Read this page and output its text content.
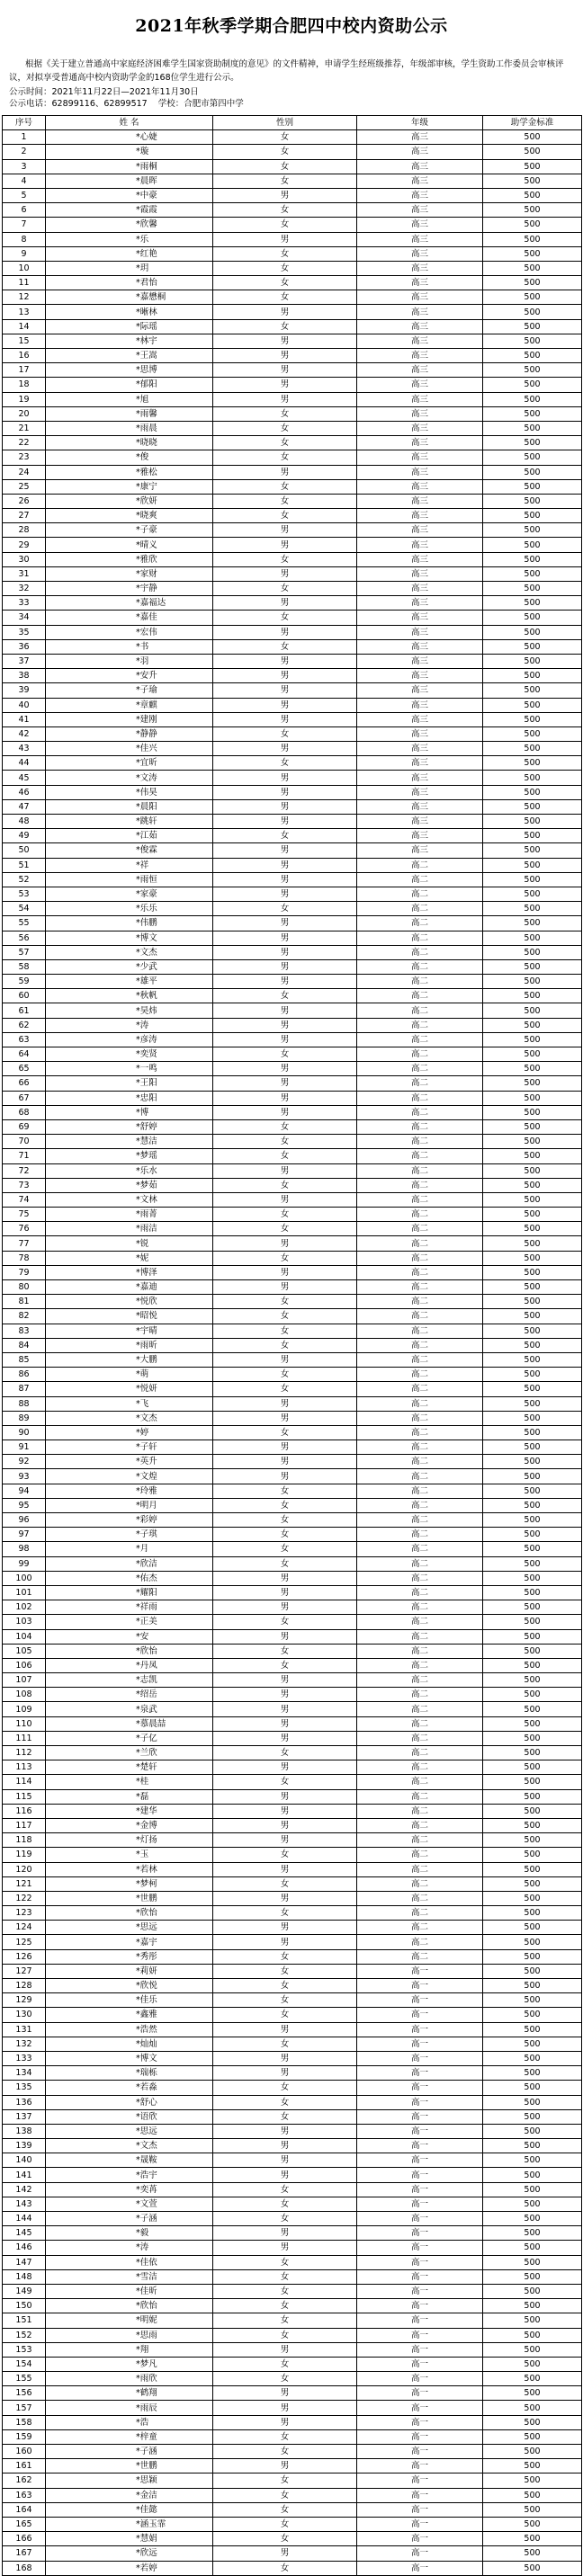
2021年秋季学期合肥四中校内资助公示
根据《关于建立普通高中家庭经济困难学生国家资助制度的意见》的文件精神，申请学生经班级推荐，年级部审核，学生资助工作委员会审核评议，对拟享受普通高中校内资助学金的168位学生进行公示。
公示时间：2021年11月22日—2021年11月30日
公示电话：62899116、62899517 学校：合肥市第四中学
序号	姓 名	性别	年级	助学金标准
1	*心婕	女	高三	500
2	*璇	女	高三	500
3	*雨桐	女	高三	500
4	*晨晖	女	高三	500
5	*中豪	男	高三	500
6	*霞霞	女	高三	500
7	*欣馨	女	高三	500
8	*乐	男	高三	500
9	*红艳	女	高三	500
10	*玥	女	高三	500
11	*君怡	女	高三	500
12	*嘉懋桐	女	高三	500
13	*晰林	男	高三	500
14	*际瑶	女	高三	500
15	*林宇	男	高三	500
16	*王嵩	男	高三	500
17	*思博	男	高三	500
18	*郁阳	男	高三	500
19	*旭	男	高三	500
20	*雨馨	女	高三	500
21	*雨晨	女	高三	500
22	*晓晓	女	高三	500
23	*俊	女	高三	500
24	*雅松	男	高三	500
25	*康宁	女	高三	500
26	*欣妍	女	高三	500
27	*晓爽	女	高三	500
28	*子豪	男	高三	500
29	*晴义	男	高三	500
30	*雅欣	女	高三	500
31	*家财	男	高三	500
32	*宇静	女	高三	500
33	*嘉福达	男	高三	500
34	*嘉佳	女	高三	500
35	*宏伟	男	高三	500
36	*书	女	高三	500
37	*羽	男	高三	500
38	*安升	男	高三	500
39	*子瑜	男	高三	500
40	*章麒	男	高三	500
41	*建刚	男	高三	500
42	*静静	女	高三	500
43	*佳兴	男	高三	500
44	*宜昕	女	高三	500
45	*文涛	男	高三	500
46	*伟昊	男	高三	500
47	*晨阳	男	高三	500
48	*跳轩	男	高三	500
49	*江茹	女	高三	500
50	*俊霖	男	高三	500
51	*祥	男	高二	500
52	*雨恒	男	高二	500
53	*家豪	男	高二	500
54	*乐乐	女	高二	500
55	*伟鹏	男	高二	500
56	*博文	男	高二	500
57	*文杰	男	高二	500
58	*少武	男	高二	500
59	*雄平	男	高二	500
60	*秋帆	女	高二	500
61	*昊炜	男	高二	500
62	*涛	男	高二	500
63	*彦涛	男	高二	500
64	*奕贤	女	高二	500
65	*一鸣	男	高二	500
66	*王阳	男	高二	500
67	*忠阳	男	高二	500
68	*博	男	高二	500
69	*舒婷	女	高二	500
70	*慧洁	女	高二	500
71	*梦瑶	女	高二	500
72	*乐水	男	高二	500
73	*梦茹	女	高二	500
74	*文林	男	高二	500
75	*雨菁	女	高二	500
76	*雨洁	女	高二	500
77	*锐	男	高二	500
78	*妮	女	高二	500
79	*博泽	男	高二	500
80	*嘉迪	男	高二	500
81	*悦欣	女	高二	500
82	*昭悦	女	高二	500
83	*宇晴	女	高二	500
84	*雨昕	女	高二	500
85	*大鹏	男	高二	500
86	*萌	女	高二	500
87	*悦妍	女	高二	500
88	*飞	男	高二	500
89	*文杰	男	高二	500
90	*婷	女	高二	500
91	*子轩	男	高二	500
92	*英升	男	高二	500
93	*文煌	男	高二	500
94	*玲雅	女	高二	500
95	*明月	女	高二	500
96	*彩婷	女	高二	500
97	*子琪	女	高二	500
98	*月	女	高二	500
99	*欣洁	女	高二	500
100	*佑杰	男	高二	500
101	*耀阳	男	高二	500
102	*祥雨	男	高二	500
103	*正美	女	高二	500
104	*安	男	高二	500
105	*欣怡	女	高二	500
106	*丹凤	女	高二	500
107	*志凯	男	高二	500
108	*绍岳	男	高二	500
109	*泉武	男	高二	500
110	*慕晨喆	男	高二	500
111	*子亿	男	高二	500
112	*兰欣	女	高二	500
113	*楚轩	男	高二	500
114	*桂	女	高二	500
115	*磊	男	高二	500
116	*建华	男	高二	500
117	*金博	男	高二	500
118	*灯扬	男	高二	500
119	*玉	女	高二	500
120	*若林	男	高二	500
121	*梦柯	女	高二	500
122	*世鹏	男	高二	500
123	*欣怡	女	高二	500
124	*思远	男	高二	500
125	*嘉宇	男	高二	500
126	*秀彤	女	高二	500
127	*莉妍	女	高一	500
128	*欣悦	女	高一	500
129	*佳乐	女	高一	500
130	*鑫雅	女	高一	500
131	*浩然	男	高一	500
132	*灿灿	女	高一	500
133	*博文	男	高一	500
134	*瑞栎	男	高一	500
135	*若淼	女	高一	500
136	*舒心	女	高一	500
137	*语欣	女	高一	500
138	*思远	男	高一	500
139	*文杰	男	高一	500
140	*晟鞍	男	高一	500
141	*浩宇	男	高一	500
142	*奕苒	女	高一	500
143	*文萱	女	高一	500
144	*子涵	女	高一	500
145	*毅	男	高一	500
146	*涛	男	高一	500
147	*佳依	女	高一	500
148	*雪洁	女	高一	500
149	*佳昕	女	高一	500
150	*欣怡	女	高一	500
151	*明妮	女	高一	500
152	*思雨	女	高一	500
153	*翔	男	高一	500
154	*梦凡	女	高一	500
155	*雨欣	女	高一	500
156	*鹤翔	男	高一	500
157	*雨辰	男	高一	500
158	*浩	男	高一	500
159	*梓童	女	高一	500
160	*子涵	女	高一	500
161	*世鹏	男	高一	500
162	*思颖	女	高一	500
163	*金洁	女	高一	500
164	*佳懿	女	高一	500
165	*涵玉霏	女	高一	500
166	*慧娟	女	高一	500
167	*欣远	男	高一	500
168	*若婷	女	高一	500
